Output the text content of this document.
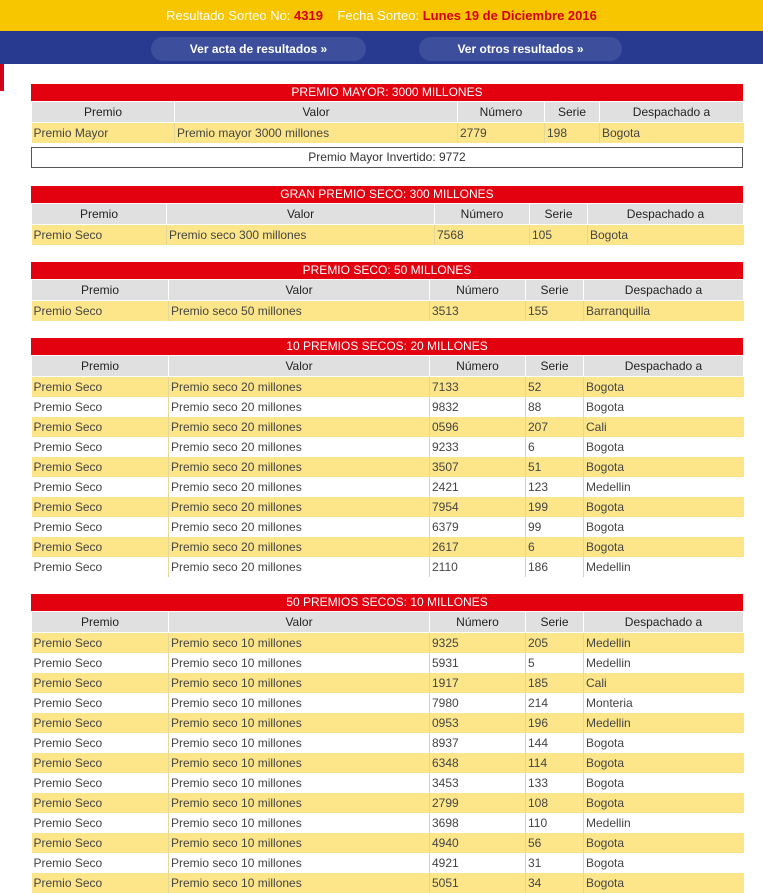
Resultado Sorteo No: 4319 Fecha Sorteo: Lunes 19 de Diciembre 2016
Ver acta de resultados »	Ver otros resultados »
PREMIO MAYOR: 3000 MILLONES
Premio	Valor	Número	Serie	Despachado a
Premio Mayor	Premio mayor 3000 millones	2779	198	Bogota
Premio Mayor Invertido: 9772
GRAN PREMIO SECO: 300 MILLONES
Premio	Valor	Número	Serie	Despachado a
Premio Seco	Premio seco 300 millones	7568	105	Bogota
PREMIO SECO: 50 MILLONES
Premio	Valor	Número	Serie	Despachado a
Premio Seco	Premio seco 50 millones	3513	155	Barranquilla
10 PREMIOS SECOS: 20 MILLONES
Premio	Valor	Número	Serie	Despachado a
Premio Seco	Premio seco 20 millones	7133	52	Bogota
Premio Seco	Premio seco 20 millones	9832	88	Bogota
Premio Seco	Premio seco 20 millones	0596	207	Cali
Premio Seco	Premio seco 20 millones	9233	6	Bogota
Premio Seco	Premio seco 20 millones	3507	51	Bogota
Premio Seco	Premio seco 20 millones	2421	123	Medellin
Premio Seco	Premio seco 20 millones	7954	199	Bogota
Premio Seco	Premio seco 20 millones	6379	99	Bogota
Premio Seco	Premio seco 20 millones	2617	6	Bogota
Premio Seco	Premio seco 20 millones	2110	186	Medellin
50 PREMIOS SECOS: 10 MILLONES
Premio	Valor	Número	Serie	Despachado a
Premio Seco	Premio seco 10 millones	9325	205	Medellin
Premio Seco	Premio seco 10 millones	5931	5	Medellin
Premio Seco	Premio seco 10 millones	1917	185	Cali
Premio Seco	Premio seco 10 millones	7980	214	Monteria
Premio Seco	Premio seco 10 millones	0953	196	Medellin
Premio Seco	Premio seco 10 millones	8937	144	Bogota
Premio Seco	Premio seco 10 millones	6348	114	Bogota
Premio Seco	Premio seco 10 millones	3453	133	Bogota
Premio Seco	Premio seco 10 millones	2799	108	Bogota
Premio Seco	Premio seco 10 millones	3698	110	Medellin
Premio Seco	Premio seco 10 millones	4940	56	Bogota
Premio Seco	Premio seco 10 millones	4921	31	Bogota
Premio Seco	Premio seco 10 millones	5051	34	Bogota
